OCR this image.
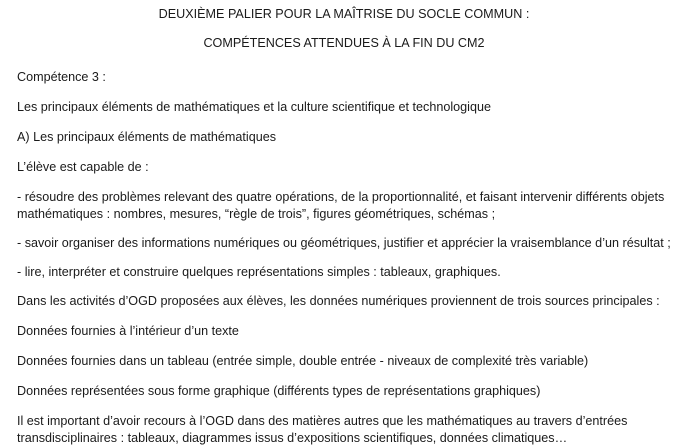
DEUXIÈME PALIER POUR LA MAÎTRISE DU SOCLE COMMUN :

COMPÉTENCES ATTENDUES À LA FIN DU CM2

Compétence 3 :

Les principaux éléments de mathématiques et la culture scientifique et technologique

A) Les principaux éléments de mathématiques

L’élève est capable de :

- résoudre des problèmes relevant des quatre opérations, de la proportionnalité, et faisant intervenir différents objets mathématiques : nombres, mesures, “règle de trois”, figures géométriques, schémas ;

- savoir organiser des informations numériques ou géométriques, justifier et apprécier la vraisemblance d’un résultat ;

- lire, interpréter et construire quelques représentations simples : tableaux, graphiques.

Dans les activités d’OGD proposées aux élèves, les données numériques proviennent de trois sources principales :

Données fournies à l’intérieur d’un texte

Données fournies dans un tableau (entrée simple, double entrée - niveaux de complexité très variable)

Données représentées sous forme graphique (différents types de représentations graphiques)

Il est important d’avoir recours à l’OGD dans des matières autres que les mathématiques au travers d’entrées transdisciplinaires : tableaux, diagrammes issus d’expositions scientifiques, données climatiques…
